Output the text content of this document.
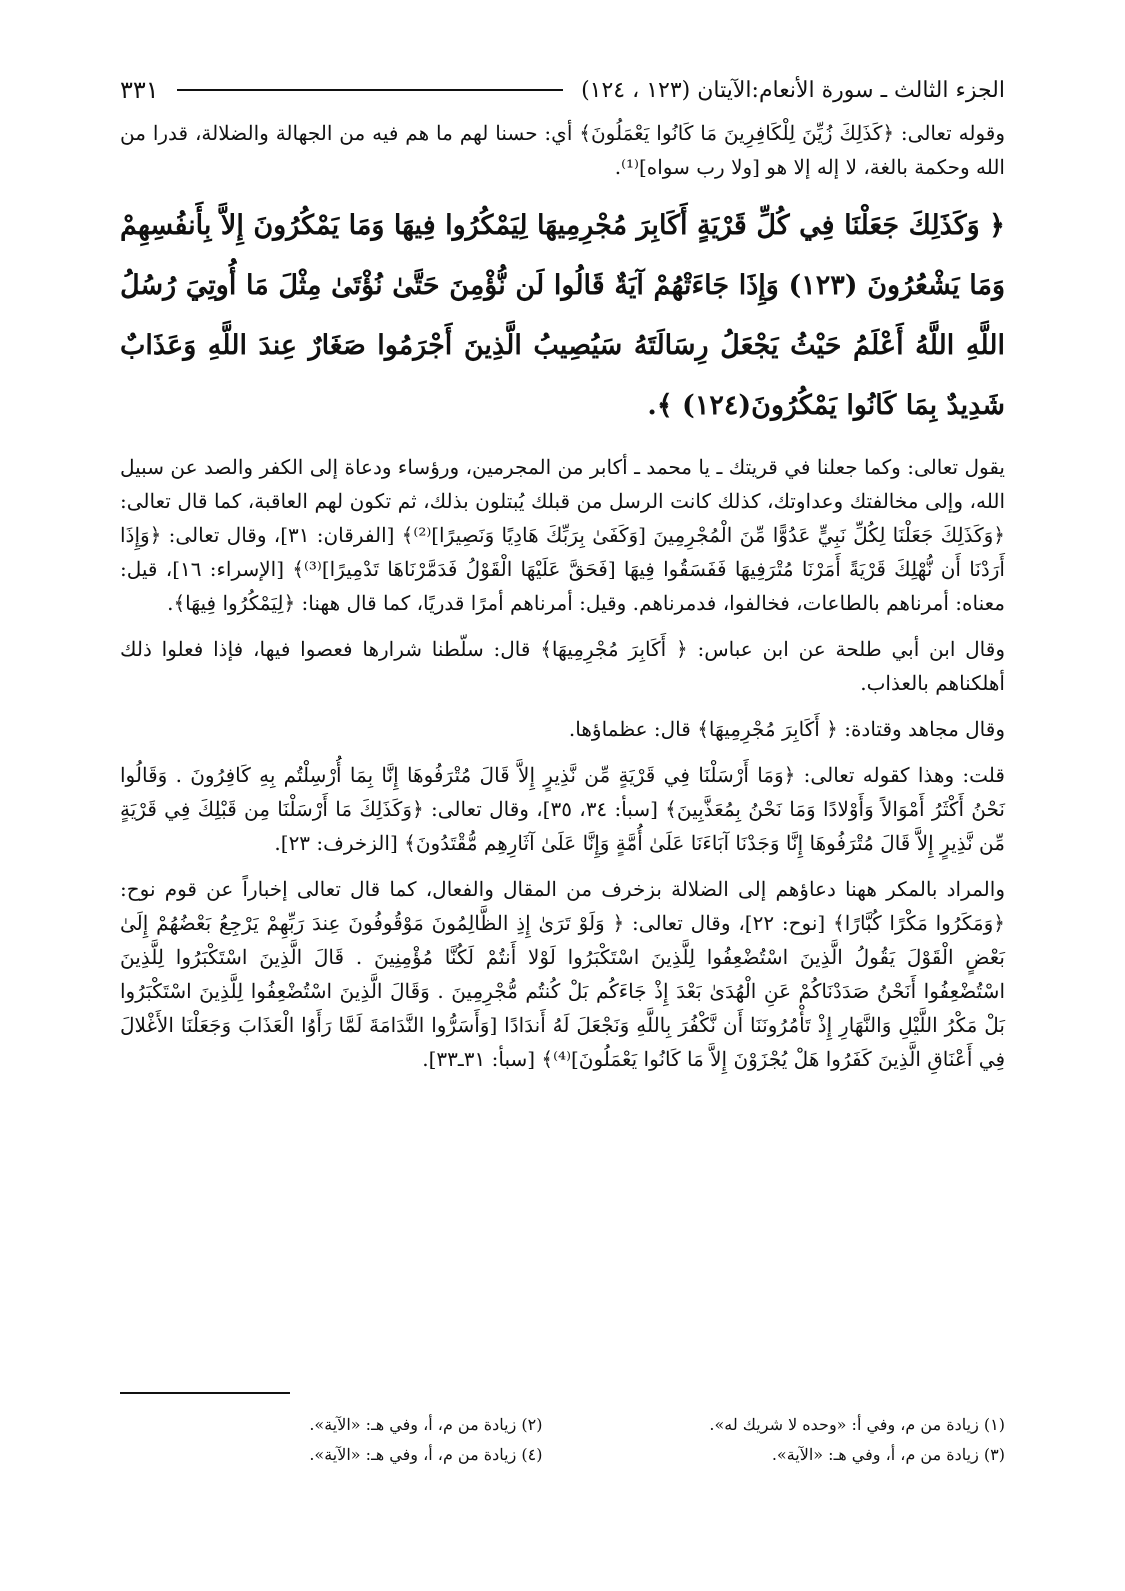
الجزء الثالث ـ سورة الأنعام:الآيتان (١٢٣ ، ١٢٤)
٣٣١

وقوله تعالى: ﴿كَذَلِكَ زُيِّنَ لِلْكَافِرِينَ مَا كَانُوا يَعْمَلُونَ﴾ أي: حسنا لهم ما هم فيه من الجهالة والضلالة، قدرا من الله وحكمة بالغة، لا إله إلا هو [ولا رب سواه]⁽¹⁾.

﴿ وَكَذَلِكَ جَعَلْنَا فِي كُلِّ قَرْيَةٍ أَكَابِرَ مُجْرِمِيهَا لِيَمْكُرُوا فِيهَا وَمَا يَمْكُرُونَ إِلاَّ بِأَنفُسِهِمْ وَمَا يَشْعُرُونَ (١٢٣) وَإِذَا جَاءَتْهُمْ آيَةٌ قَالُوا لَن نُّؤْمِنَ حَتَّىٰ نُؤْتَىٰ مِثْلَ مَا أُوتِيَ رُسُلُ اللَّهِ اللَّهُ أَعْلَمُ حَيْثُ يَجْعَلُ رِسَالَتَهُ سَيُصِيبُ الَّذِينَ أَجْرَمُوا صَغَارٌ عِندَ اللَّهِ وَعَذَابٌ شَدِيدٌ بِمَا كَانُوا يَمْكُرُونَ(١٢٤) ﴾.

يقول تعالى: وكما جعلنا في قريتك ـ يا محمد ـ أكابر من المجرمين، ورؤساء ودعاة إلى الكفر والصد عن سبيل الله، وإلى مخالفتك وعداوتك، كذلك كانت الرسل من قبلك يُبتلون بذلك، ثم تكون لهم العاقبة، كما قال تعالى: ﴿وَكَذَلِكَ جَعَلْنَا لِكُلِّ نَبِيٍّ عَدُوًّا مِّنَ الْمُجْرِمِينَ [وَكَفَىٰ بِرَبِّكَ هَادِيًا وَنَصِيرًا]⁽²⁾﴾ [الفرقان: ٣١]، وقال تعالى: ﴿وَإِذَا أَرَدْنَا أَن نُّهْلِكَ قَرْيَةً أَمَرْنَا مُتْرَفِيهَا فَفَسَقُوا فِيهَا [فَحَقَّ عَلَيْهَا الْقَوْلُ فَدَمَّرْنَاهَا تَدْمِيرًا]⁽³⁾﴾ [الإسراء: ١٦]، قيل: معناه: أمرناهم بالطاعات، فخالفوا، فدمرناهم. وقيل: أمرناهم أمرًا قدريًا، كما قال ههنا: ﴿لِيَمْكُرُوا فِيهَا﴾.

وقال ابن أبي طلحة عن ابن عباس: ﴿ أَكَابِرَ مُجْرِمِيهَا﴾ قال: سلّطنا شرارها فعصوا فيها، فإذا فعلوا ذلك أهلكناهم بالعذاب.

وقال مجاهد وقتادة: ﴿ أَكَابِرَ مُجْرِمِيهَا﴾ قال: عظماؤها.

قلت: وهذا كقوله تعالى: ﴿وَمَا أَرْسَلْنَا فِي قَرْيَةٍ مِّن نَّذِيرٍ إِلاَّ قَالَ مُتْرَفُوهَا إِنَّا بِمَا أُرْسِلْتُم بِهِ كَافِرُونَ . وَقَالُوا نَحْنُ أَكْثَرُ أَمْوَالاً وَأَوْلادًا وَمَا نَحْنُ بِمُعَذَّبِينَ﴾ [سبأ: ٣٤، ٣٥]، وقال تعالى: ﴿وَكَذَلِكَ مَا أَرْسَلْنَا مِن قَبْلِكَ فِي قَرْيَةٍ مِّن نَّذِيرٍ إِلاَّ قَالَ مُتْرَفُوهَا إِنَّا وَجَدْنَا آبَاءَنَا عَلَىٰ أُمَّةٍ وَإِنَّا عَلَىٰ آثَارِهِم مُّقْتَدُونَ﴾ [الزخرف: ٢٣].

والمراد بالمكر ههنا دعاؤهم إلى الضلالة بزخرف من المقال والفعال، كما قال تعالى إخباراً عن قوم نوح: ﴿وَمَكَرُوا مَكْرًا كُبَّارًا﴾ [نوح: ٢٢]، وقال تعالى: ﴿ وَلَوْ تَرَىٰ إِذِ الظَّالِمُونَ مَوْقُوفُونَ عِندَ رَبِّهِمْ يَرْجِعُ بَعْضُهُمْ إِلَىٰ بَعْضٍ الْقَوْلَ يَقُولُ الَّذِينَ اسْتُضْعِفُوا لِلَّذِينَ اسْتَكْبَرُوا لَوْلا أَنتُمْ لَكُنَّا مُؤْمِنِينَ . قَالَ الَّذِينَ اسْتَكْبَرُوا لِلَّذِينَ اسْتُضْعِفُوا أَنَحْنُ صَدَدْنَاكُمْ عَنِ الْهُدَىٰ بَعْدَ إِذْ جَاءَكُم بَلْ كُنتُم مُّجْرِمِينَ . وَقَالَ الَّذِينَ اسْتُضْعِفُوا لِلَّذِينَ اسْتَكْبَرُوا بَلْ مَكْرُ اللَّيْلِ وَالنَّهَارِ إِذْ تَأْمُرُونَنَا أَن نَّكْفُرَ بِاللَّهِ وَنَجْعَلَ لَهُ أَندَادًا [وَأَسَرُّوا النَّدَامَةَ لَمَّا رَأَوُا الْعَذَابَ وَجَعَلْنَا الأَغْلالَ فِي أَعْنَاقِ الَّذِينَ كَفَرُوا هَلْ يُجْزَوْنَ إِلاَّ مَا كَانُوا يَعْمَلُونَ]⁽⁴⁾﴾ [سبأ: ٣١ـ٣٣].

(١) زيادة من م، وفي أ: «وحده لا شريك له».
(٢) زيادة من م، أ، وفي هـ: «الآية».
(٣) زيادة من م، أ، وفي هـ: «الآية».
(٤) زيادة من م، أ، وفي هـ: «الآية».
